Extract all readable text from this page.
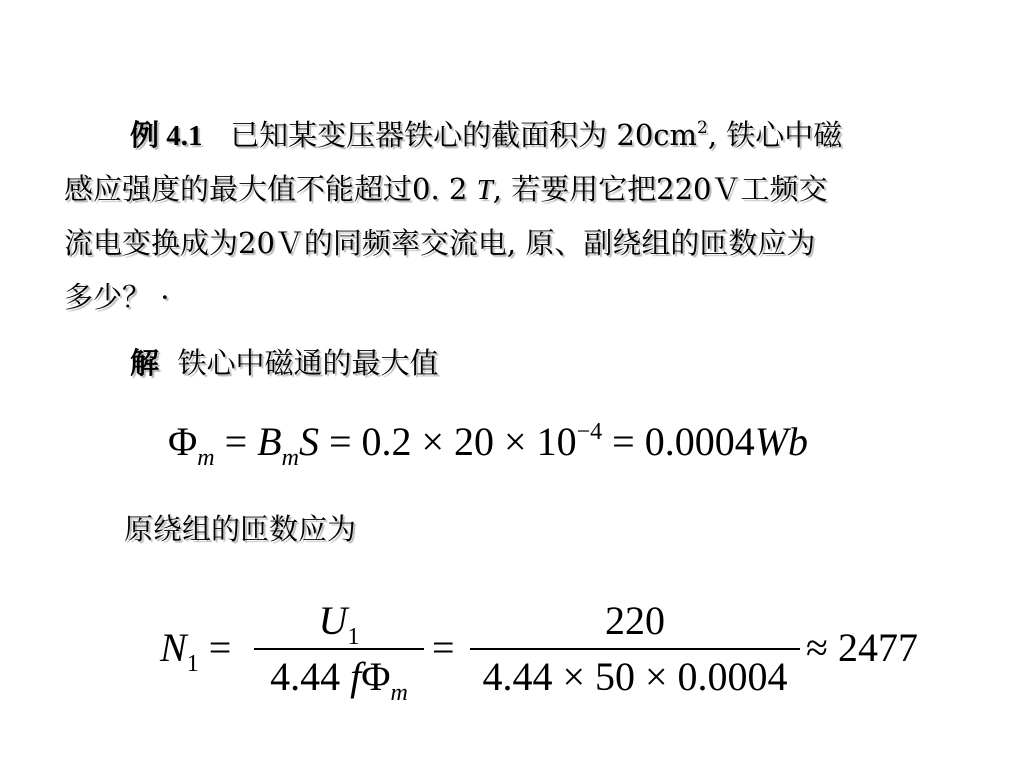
例 4.1 已知某变压器铁心的截面积为 $20cm^2$, 铁心中磁
感应强度的最大值不能超过0. 2 T, 若要用它把220Ｖ工频交
流电变换成为20Ｖ的同频率交流电, 原、副绕组的匝数应为
多少？ ·
解 铁心中磁通的最大值
$\Phi_m = B_mS = 0.2 \times 20 \times 10^{-4} = 0.0004Wb$
原绕组的匝数应为
$N_1$ =
$U_1$
4.44 $f\Phi_m$
=
220
4.44 × 50 × 0.0004
≈ 2477
